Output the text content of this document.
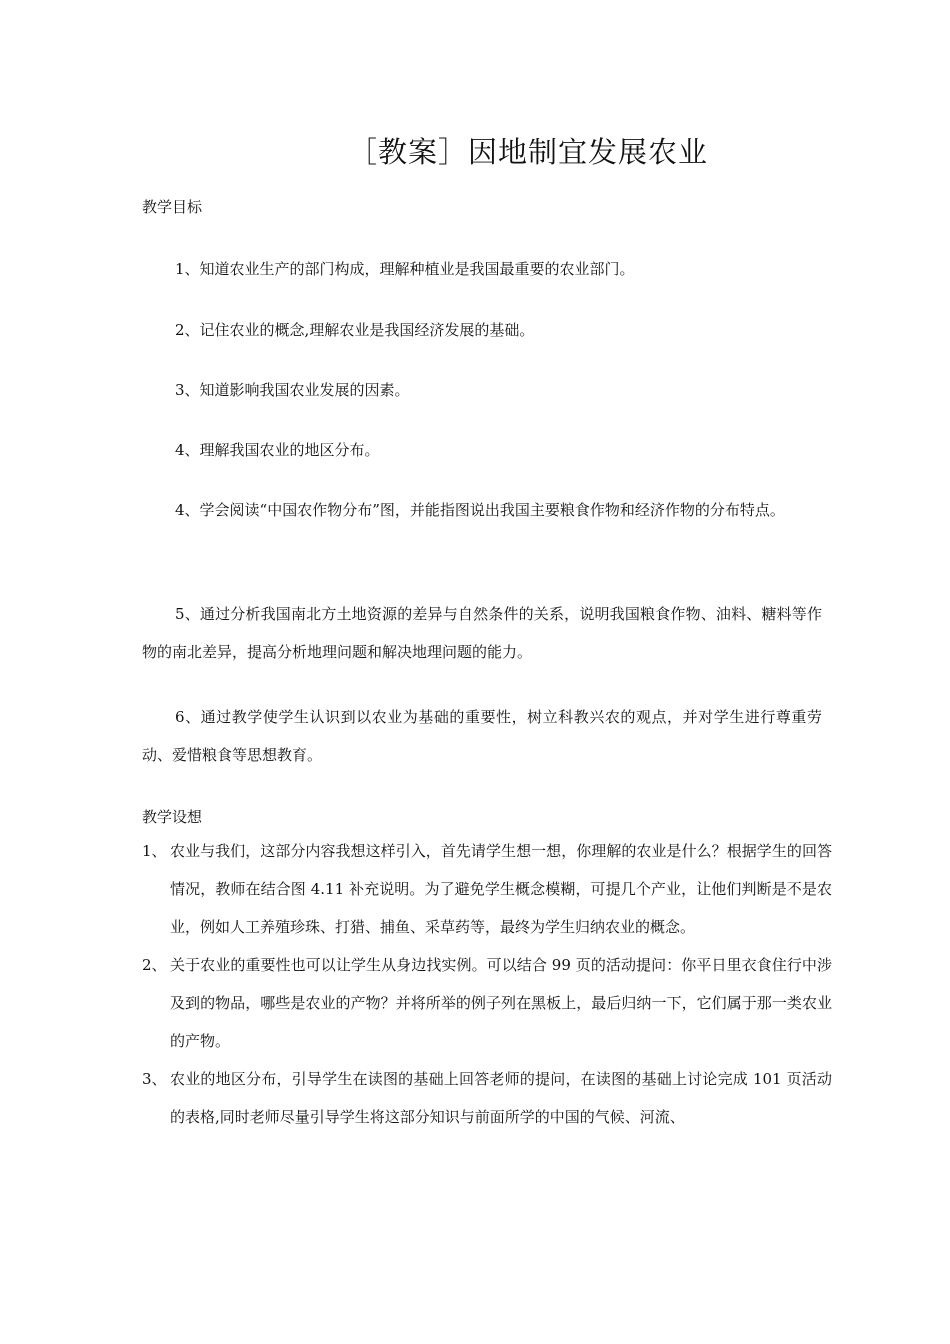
［教案］因地制宜发展农业
教学目标
1、知道农业生产的部门构成，理解种植业是我国最重要的农业部门。
2、记住农业的概念,理解农业是我国经济发展的基础。
3、知道影响我国农业发展的因素。
4、理解我国农业的地区分布。
4、学会阅读“中国农作物分布”图，并能指图说出我国主要粮食作物和经济作物的分布特点。
5、通过分析我国南北方土地资源的差异与自然条件的关系，说明我国粮食作物、油料、糖料等作物的南北差异，提高分析地理问题和解决地理问题的能力。
6、通过教学使学生认识到以农业为基础的重要性，树立科教兴农的观点，并对学生进行尊重劳动、爱惜粮食等思想教育。
教学设想
1、 农业与我们，这部分内容我想这样引入，首先请学生想一想，你理解的农业是什么？根据学生的回答情况，教师在结合图 4.11 补充说明。为了避免学生概念模糊，可提几个产业，让他们判断是不是农业，例如人工养殖珍珠、打猎、捕鱼、采草药等，最终为学生归纳农业的概念。
2、 关于农业的重要性也可以让学生从身边找实例。可以结合 99 页的活动提问：你平日里衣食住行中涉及到的物品，哪些是农业的产物？并将所举的例子列在黑板上，最后归纳一下，它们属于那一类农业的产物。
3、 农业的地区分布，引导学生在读图的基础上回答老师的提问，在读图的基础上讨论完成 101 页活动的表格,同时老师尽量引导学生将这部分知识与前面所学的中国的气候、河流、
